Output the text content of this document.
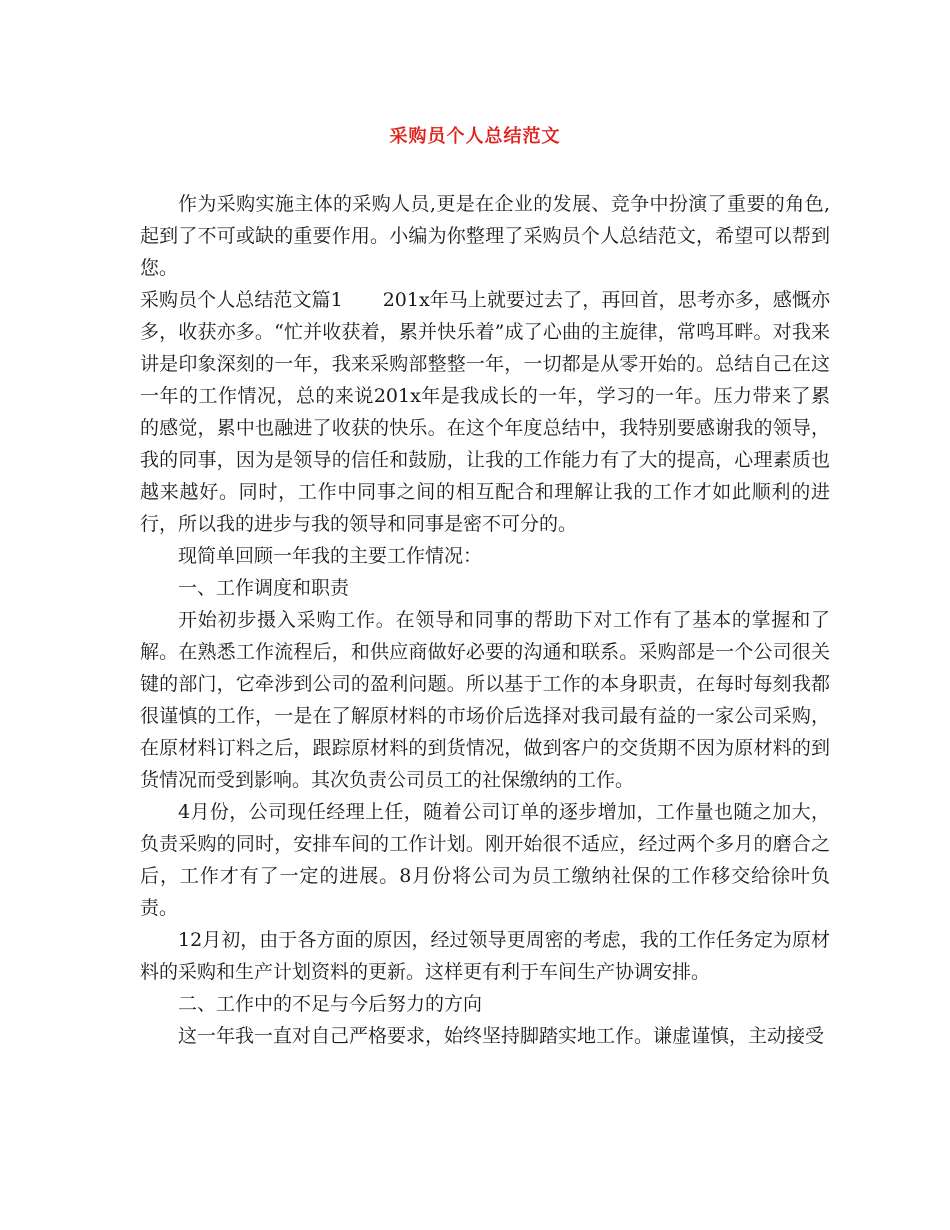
采购员个人总结范文

作为采购实施主体的采购人员,更是在企业的发展、竞争中扮演了重要的角色,起到了不可或缺的重要作用。小编为你整理了采购员个人总结范文，希望可以帮到您。

采购员个人总结范文篇1 201x年马上就要过去了，再回首，思考亦多，感慨亦多，收获亦多。“忙并收获着，累并快乐着”成了心曲的主旋律，常鸣耳畔。对我来讲是印象深刻的一年，我来采购部整整一年，一切都是从零开始的。总结自己在这一年的工作情况，总的来说201x年是我成长的一年，学习的一年。压力带来了累的感觉，累中也融进了收获的快乐。在这个年度总结中，我特别要感谢我的领导，我的同事，因为是领导的信任和鼓励，让我的工作能力有了大的提高，心理素质也越来越好。同时，工作中同事之间的相互配合和理解让我的工作才如此顺利的进行，所以我的进步与我的领导和同事是密不可分的。

现简单回顾一年我的主要工作情况：

一、工作调度和职责

开始初步摄入采购工作。在领导和同事的帮助下对工作有了基本的掌握和了解。在熟悉工作流程后，和供应商做好必要的沟通和联系。采购部是一个公司很关键的部门，它牵涉到公司的盈利问题。所以基于工作的本身职责，在每时每刻我都很谨慎的工作，一是在了解原材料的市场价后选择对我司最有益的一家公司采购，在原材料订料之后，跟踪原材料的到货情况，做到客户的交货期不因为原材料的到货情况而受到影响。其次负责公司员工的社保缴纳的工作。

4月份，公司现任经理上任，随着公司订单的逐步增加，工作量也随之加大，负责采购的同时，安排车间的工作计划。刚开始很不适应，经过两个多月的磨合之后，工作才有了一定的进展。8月份将公司为员工缴纳社保的工作移交给徐叶负责。

12月初，由于各方面的原因，经过领导更周密的考虑，我的工作任务定为原材料的采购和生产计划资料的更新。这样更有利于车间生产协调安排。

二、工作中的不足与今后努力的方向

这一年我一直对自己严格要求，始终坚持脚踏实地工作。谦虚谨慎，主动接受
